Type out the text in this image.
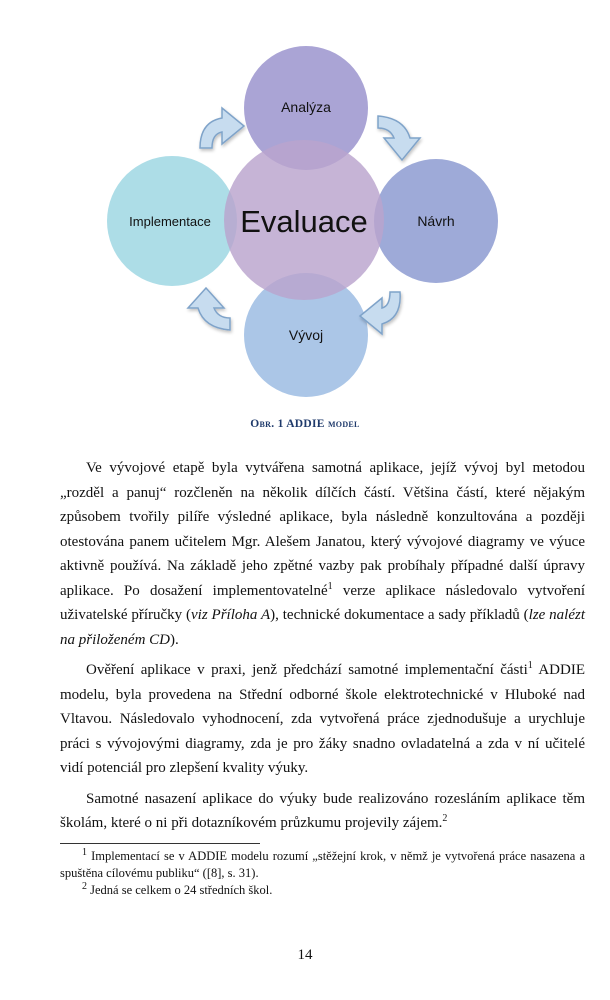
Analýza
Návrh
Vývoj
Implementace Evaluace
Obr. 1 ADDIE model

Ve vývojové etapě byla vytvářena samotná aplikace, jejíž vývoj byl metodou „rozděl a panuj“ rozčleněn na několik dílčích částí. Většina částí, které nějakým způsobem tvořily pilíře výsledné aplikace, byla následně konzultována a později otestována panem učitelem Mgr. Alešem Janatou, který vývojové diagramy ve výuce aktivně používá. Na základě jeho zpětné vazby pak probíhaly případné další úpravy aplikace. Po dosažení implementovatelné$^1$ verze aplikace následovalo vytvoření uživatelské příručky (viz Příloha A), technické dokumentace a sady příkladů (lze nalézt na přiloženém CD).

Ověření aplikace v praxi, jenž předchází samotné implementační části$^1$ ADDIE modelu, byla provedena na Střední odborné škole elektrotechnické v Hluboké nad Vltavou. Následovalo vyhodnocení, zda vytvořená práce zjednodušuje a urychluje práci s vývojovými diagramy, zda je pro žáky snadno ovladatelná a zda v ní učitelé vidí potenciál pro zlepšení kvality výuky.

Samotné nasazení aplikace do výuky bude realizováno rozesláním aplikace těm školám, které o ni při dotazníkovém průzkumu projevily zájem.$^2$

$^1$ Implementací se v ADDIE modelu rozumí „stěžejní krok, v němž je vytvořená práce nasazena a spuštěna cílovému publiku“ ([8], s. 31).
$^2$ Jedná se celkem o 24 středních škol.
14
